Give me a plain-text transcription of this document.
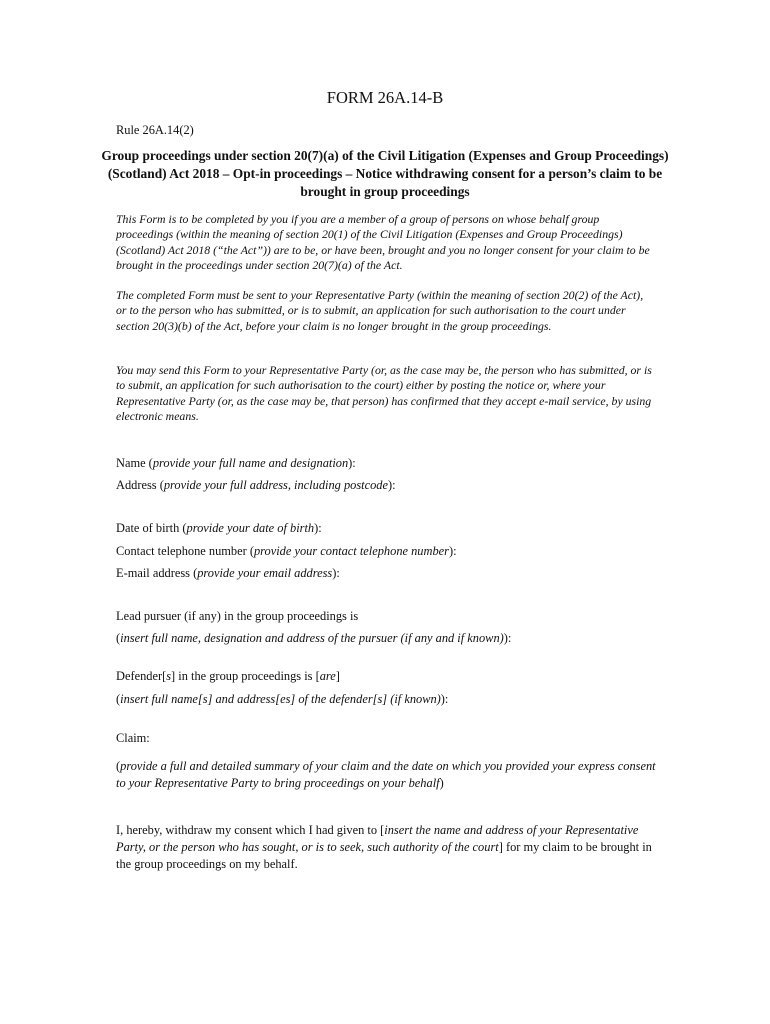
FORM 26A.14-B

Rule 26A.14(2)

Group proceedings under section 20(7)(a) of the Civil Litigation (Expenses and Group Proceedings) (Scotland) Act 2018 – Opt-in proceedings – Notice withdrawing consent for a person’s claim to be brought in group proceedings

This Form is to be completed by you if you are a member of a group of persons on whose behalf group proceedings (within the meaning of section 20(1) of the Civil Litigation (Expenses and Group Proceedings) (Scotland) Act 2018 (“the Act”)) are to be, or have been, brought and you no longer consent for your claim to be brought in the proceedings under section 20(7)(a) of the Act.

The completed Form must be sent to your Representative Party (within the meaning of section 20(2) of the Act), or to the person who has submitted, or is to submit, an application for such authorisation to the court under section 20(3)(b) of the Act, before your claim is no longer brought in the group proceedings.

You may send this Form to your Representative Party (or, as the case may be, the person who has submitted, or is to submit, an application for such authorisation to the court) either by posting the notice or, where your Representative Party (or, as the case may be, that person) has confirmed that they accept e-mail service, by using electronic means.

Name (provide your full name and designation):

Address (provide your full address, including postcode):

Date of birth (provide your date of birth):

Contact telephone number (provide your contact telephone number):

E-mail address (provide your email address):

Lead pursuer (if any) in the group proceedings is

(insert full name, designation and address of the pursuer (if any and if known)):

Defender[s] in the group proceedings is [are]

(insert full name[s] and address[es] of the defender[s] (if known)):

Claim:

(provide a full and detailed summary of your claim and the date on which you provided your express consent to your Representative Party to bring proceedings on your behalf)

I, hereby, withdraw my consent which I had given to [insert the name and address of your Representative Party, or the person who has sought, or is to seek, such authority of the court] for my claim to be brought in the group proceedings on my behalf.
